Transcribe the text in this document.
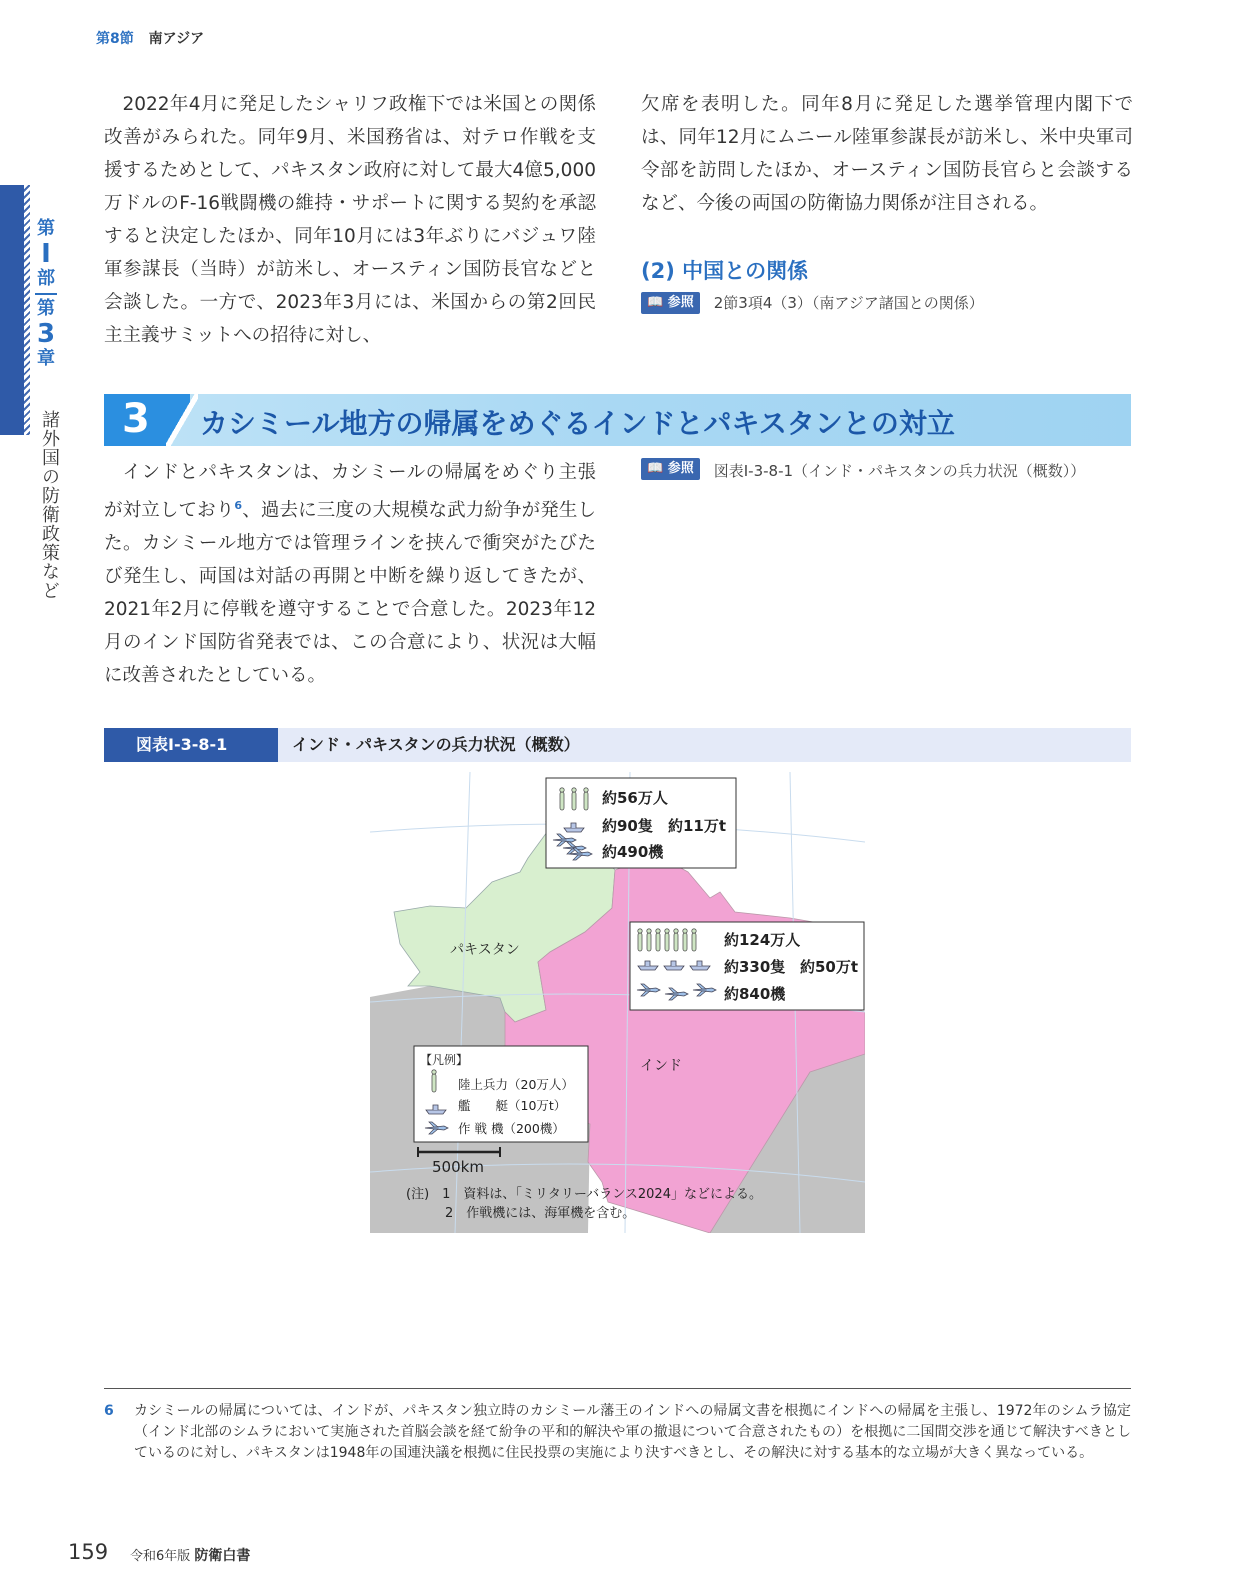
第8節 南アジア
第
I
部
第
3
章
諸外国の防衛政策など

2022年4月に発足したシャリフ政権下では米国との関係改善がみられた。同年9月、米国務省は、対テロ作戦を支援するためとして、パキスタン政府に対して最大4億5,000万ドルのF-16戦闘機の維持・サポートに関する契約を承認すると決定したほか、同年10月には3年ぶりにバジュワ陸軍参謀長（当時）が訪米し、オースティン国防長官などと会談した。一方で、2023年3月には、米国からの第2回民主主義サミットへの招待に対し、

欠席を表明した。同年8月に発足した選挙管理内閣下では、同年12月にムニール陸軍参謀長が訪米し、米中央軍司令部を訪問したほか、オースティン国防長官らと会談するなど、今後の両国の防衛協力関係が注目される。

(2) 中国との関係
📖 参照	2節3項4（3）（南アジア諸国との関係）
3 カシミール地方の帰属をめぐるインドとパキスタンとの対立

インドとパキスタンは、カシミールの帰属をめぐり主張が対立しており$^6$、過去に三度の大規模な武力紛争が発生した。カシミール地方では管理ラインを挟んで衝突がたびたび発生し、両国は対話の再開と中断を繰り返してきたが、2021年2月に停戦を遵守することで合意した。2023年12月のインド国防省発表では、この合意により、状況は大幅に改善されたとしている。

📖 参照	図表Ⅰ-3-8-1（インド・パキスタンの兵力状況（概数））
図表Ⅰ-3-8-1	インド・パキスタンの兵力状況（概数）
パキスタン
インド
約56万人
約90隻 約11万t
約490機
約124万人
約330隻 約50万t
約840機
【凡例】
陸上兵力（20万人）
艦　　艇（10万t）
作 戦 機（200機）
500km
(注)　1　資料は、「ミリタリーバランス2024」などによる。
　　　2　作戦機には、海軍機を含む。
6 カシミールの帰属については、インドが、パキスタン独立時のカシミール藩王のインドへの帰属文書を根拠にインドへの帰属を主張し、1972年のシムラ協定（インド北部のシムラにおいて実施された首脳会談を経て紛争の平和的解決や軍の撤退について合意されたもの）を根拠に二国間交渉を通じて解決すべきとしているのに対し、パキスタンは1948年の国連決議を根拠に住民投票の実施により決すべきとし、その解決に対する基本的な立場が大きく異なっている。
159 令和6年版 防衛白書
